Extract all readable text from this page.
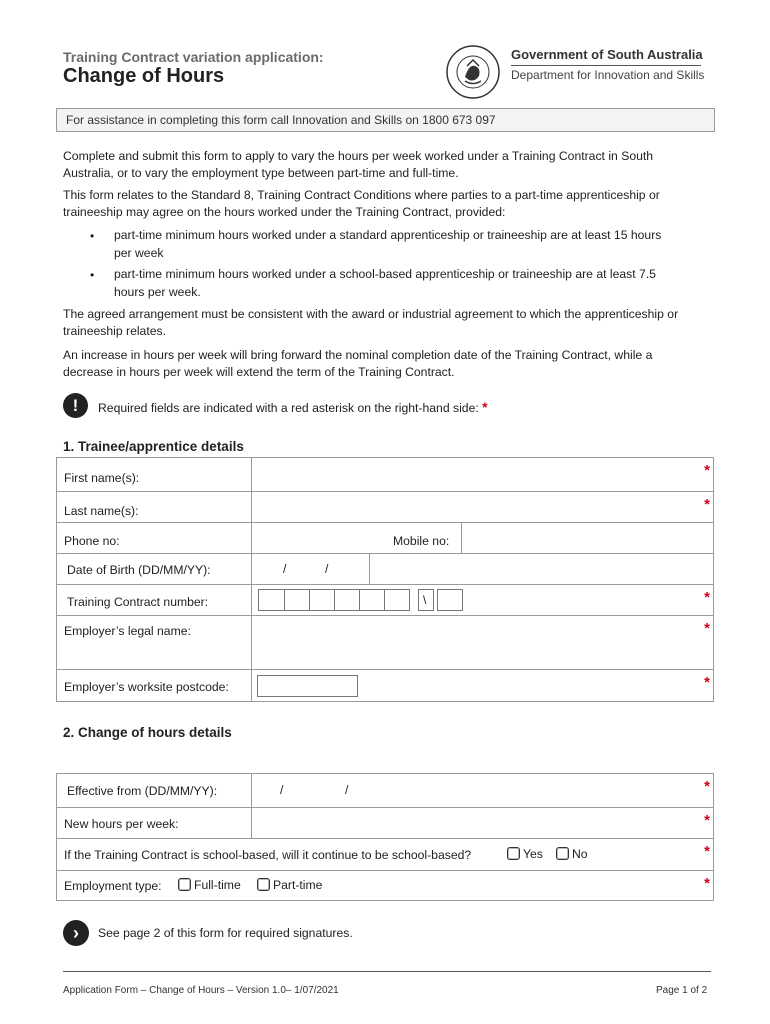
Training Contract variation application:
Change of Hours
Government of South Australia
Department for Innovation and Skills
For assistance in completing this form call Innovation and Skills on 1800 673 097
Complete and submit this form to apply to vary the hours per week worked under a Training Contract in South Australia, or to vary the employment type between part-time and full-time.
This form relates to the Standard 8, Training Contract Conditions where parties to a part-time apprenticeship or traineeship may agree on the hours worked under the Training Contract, provided:
• part-time minimum hours worked under a standard apprenticeship or traineeship are at least 15 hours per week
• part-time minimum hours worked under a school-based apprenticeship or traineeship are at least 7.5 hours per week.
The agreed arrangement must be consistent with the award or industrial agreement to which the apprenticeship or traineeship relates.
An increase in hours per week will bring forward the nominal completion date of the Training Contract, while a decrease in hours per week will extend the term of the Training Contract.
!	Required fields are indicated with a red asterisk on the right-hand side: *
1. Trainee/apprentice details
First name(s):	*
Last name(s):	*
Phone no:	Mobile no:
Date of Birth (DD/MM/YY):	/	/
Training Contract number:	\	*
Employer’s legal name:	*
Employer’s worksite postcode:	*
2. Change of hours details
Effective from (DD/MM/YY):	/	/	*
New hours per week:	*
If the Training Contract is school-based, will it continue to be school-based?	Yes	No	*
Employment type:	Full-time	Part-time	*
›	See page 2 of this form for required signatures.
Application Form – Change of Hours – Version 1.0– 1/07/2021	Page 1 of 2
